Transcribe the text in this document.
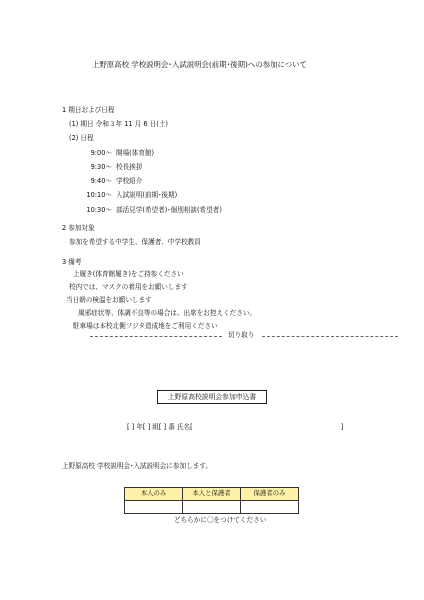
上野原高校 学校説明会･入試説明会(前期･後期)への参加について
1 期日および日程
(1) 期日 令和３年 11 月 6 日(土)
(2) 日程
9:00～ 開場(体育館)
9:30～ 校長挨拶
9:40～ 学校紹介
10:10～ 入試説明(前期･後期)
10:30～ 部活見学(希望者)･個別相談(希望者)
2 参加対象
参加を希望する中学生、保護者、中学校教員
3 備考
上履き(体育館履き)をご持参ください
校内では、マスクの着用をお願いします
当日朝の検温をお願いします
風邪症状等、体調不良等の場合は、出席をお控えください。
駐車場は本校北側フジタ造成地をご利用ください
切り取り
上野原高校説明会参加申込書
[ ] 年[ ] 組[ ] 番 氏名[	]
上野原高校 学校説明会･入試説明会に参加します。
本人のみ	本人と保護者	保護者のみ

どちらかに〇をつけてください
